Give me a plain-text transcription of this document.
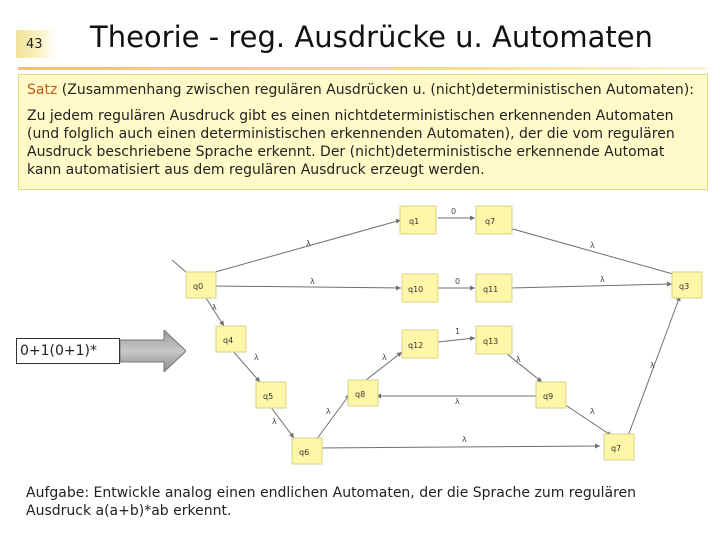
43 Theorie - reg. Ausdrücke u. Automaten

Satz (Zusammenhang zwischen regulären Ausdrücken u. (nicht)deterministischen Automaten):

Zu jedem regulären Ausdruck gibt es einen nichtdeterministischen erkennenden Automaten (und folglich auch einen deterministischen erkennenden Automaten), der die vom regulären Ausdruck beschriebene Sprache erkennt. Der (nicht)deterministische erkennende Automat kann automatisiert aus dem regulären Ausdruck erzeugt werden.

0+1(0+1)*
0
0
1
λ	λ
λ	λ
λ
λ
λ
λ
λ	λ
λ
λ
λ
λ
q1	q7
q0	q10	q11	q3
q4
q12	q13
q5	q8	q9
q6	q7
Aufgabe: Entwickle analog einen endlichen Automaten, der die Sprache zum regulären Ausdruck a(a+b)*ab erkennt.
